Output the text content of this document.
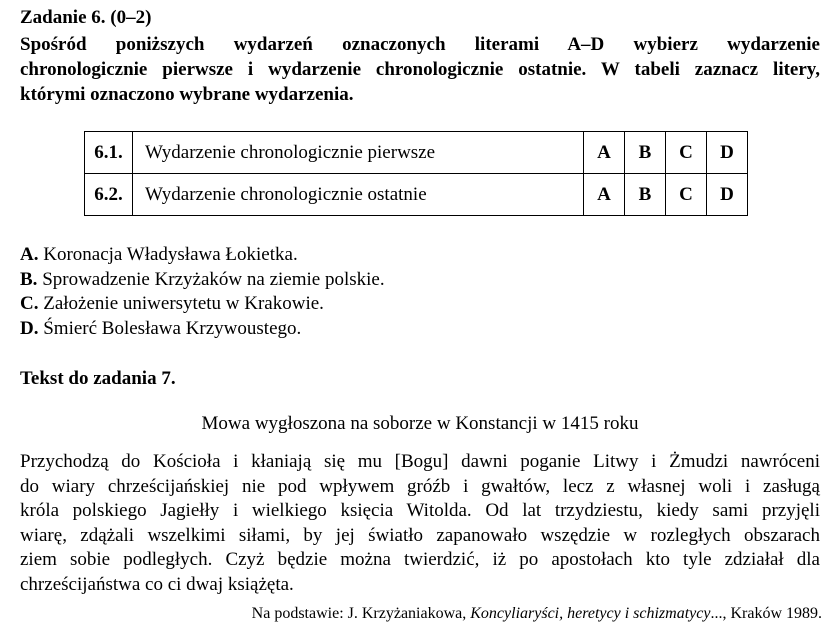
Zadanie 6. (0–2)
Spośród poniższych wydarzeń oznaczonych literami A–D wybierz wydarzenie
chronologicznie pierwsze i wydarzenie chronologicznie ostatnie. W tabeli zaznacz litery,
którymi oznaczono wybrane wydarzenia.
6.1.	Wydarzenie chronologicznie pierwsze	A	B	C	D
6.2.	Wydarzenie chronologicznie ostatnie	A	B	C	D
A. Koronacja Władysława Łokietka.
B. Sprowadzenie Krzyżaków na ziemie polskie.
C. Założenie uniwersytetu w Krakowie.
D. Śmierć Bolesława Krzywoustego.
Tekst do zadania 7.
Mowa wygłoszona na soborze w Konstancji w 1415 roku
Przychodzą do Kościoła i kłaniają się mu [Bogu] dawni poganie Litwy i Żmudzi nawróceni
do wiary chrześcijańskiej nie pod wpływem gróźb i gwałtów, lecz z własnej woli i zasługą
króla polskiego Jagiełły i wielkiego księcia Witolda. Od lat trzydziestu, kiedy sami przyjęli
wiarę, zdążali wszelkimi siłami, by jej światło zapanowało wszędzie w rozległych obszarach
ziem sobie podległych. Czyż będzie można twierdzić, iż po apostołach kto tyle zdziałał dla
chrześcijaństwa co ci dwaj książęta.
Na podstawie: J. Krzyżaniakowa, Koncyliaryści, heretycy i schizmatycy..., Kraków 1989.
